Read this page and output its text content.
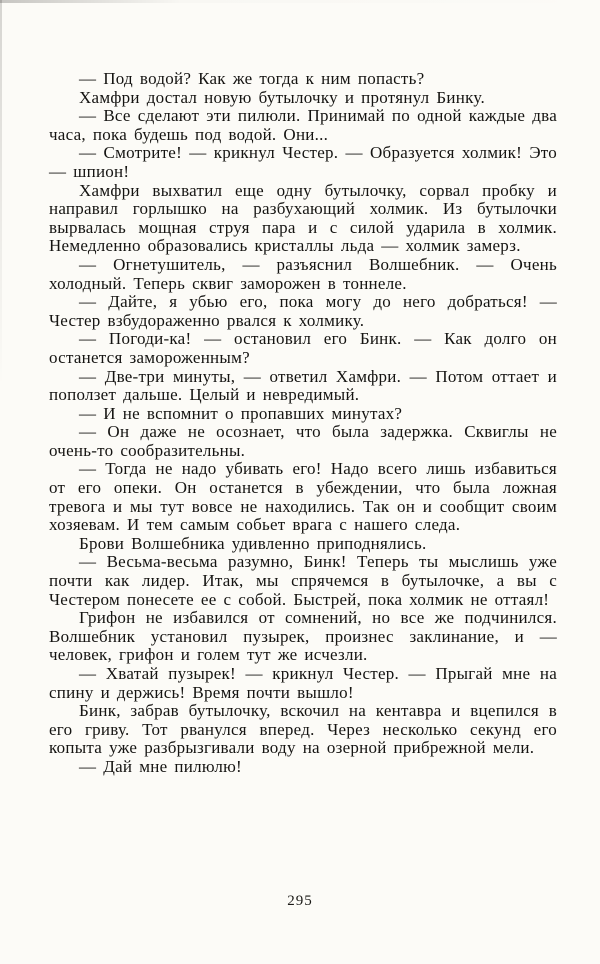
— Под водой? Как же тогда к ним попасть?

Хамфри достал новую бутылочку и протянул Бинку.

— Все сделают эти пилюли. Принимай по одной каждые два часа, пока будешь под водой. Они...

— Смотрите! — крикнул Честер. — Образуется холмик! Это — шпион!

Хамфри выхватил еще одну бутылочку, сорвал пробку и направил горлышко на разбухающий холмик. Из бутылочки вырвалась мощная струя пара и с силой ударила в холмик. Немедленно образовались кристаллы льда — холмик замерз.

— Огнетушитель, — разъяснил Волшебник. — Очень холодный. Теперь сквиг заморожен в тоннеле.

— Дайте, я убью его, пока могу до него добраться! — Честер взбудораженно рвался к холмику.

— Погоди-ка! — остановил его Бинк. — Как долго он останется замороженным?

— Две-три минуты, — ответил Хамфри. — Потом оттает и поползет дальше. Целый и невредимый.

— И не вспомнит о пропавших минутах?

— Он даже не осознает, что была задержка. Сквиглы не очень-то сообразительны.

— Тогда не надо убивать его! Надо всего лишь избавиться от его опеки. Он останется в убеждении, что была ложная тревога и мы тут вовсе не находились. Так он и сообщит своим хозяевам. И тем самым собьет врага с нашего следа.

Брови Волшебника удивленно приподнялись.

— Весьма-весьма разумно, Бинк! Теперь ты мыслишь уже почти как лидер. Итак, мы спрячемся в бутылочке, а вы с Честером понесете ее с собой. Быстрей, пока холмик не оттаял!

Грифон не избавился от сомнений, но все же подчинился. Волшебник установил пузырек, произнес заклинание, и — человек, грифон и голем тут же исчезли.

— Хватай пузырек! — крикнул Честер. — Прыгай мне на спину и держись! Время почти вышло!

Бинк, забрав бутылочку, вскочил на кентавра и вцепился в его гриву. Тот рванулся вперед. Через несколько секунд его копыта уже разбрызгивали воду на озерной прибрежной мели.

— Дай мне пилюлю!

295
